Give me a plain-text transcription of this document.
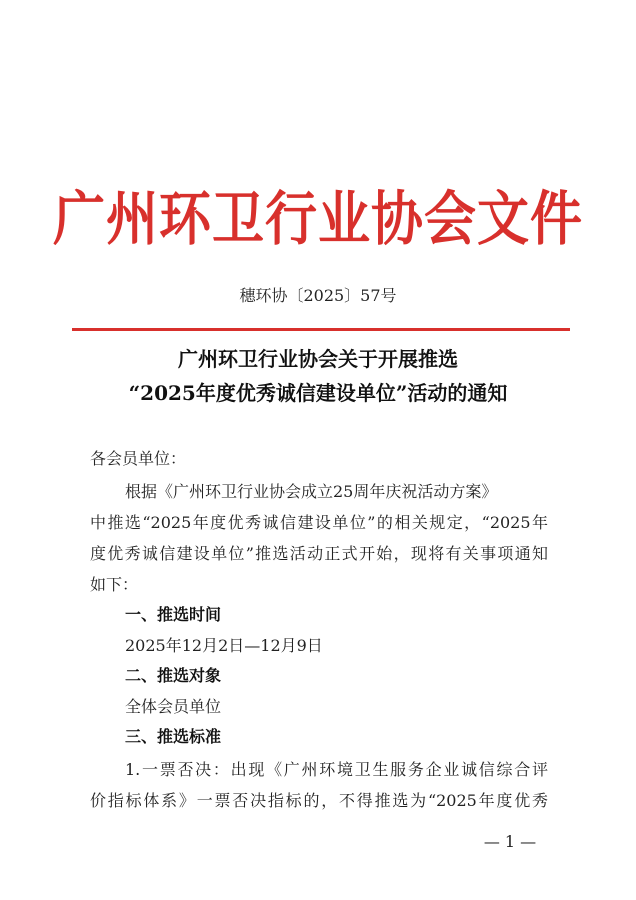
广州环卫行业协会文件
穗环协〔2025〕57号
广州环卫行业协会关于开展推选
“2025年度优秀诚信建设单位”活动的通知
各会员单位：
根据《广州环卫行业协会成立25周年庆祝活动方案》
中推选“2025年度优秀诚信建设单位”的相关规定，“2025年
度优秀诚信建设单位”推选活动正式开始，现将有关事项通知
如下：
一、推选时间
2025年12月2日—12月9日
二、推选对象
全体会员单位
三、推选标准
1.一票否决：出现《广州环境卫生服务企业诚信综合评
价指标体系》一票否决指标的，不得推选为“2025年度优秀
— 1 —
